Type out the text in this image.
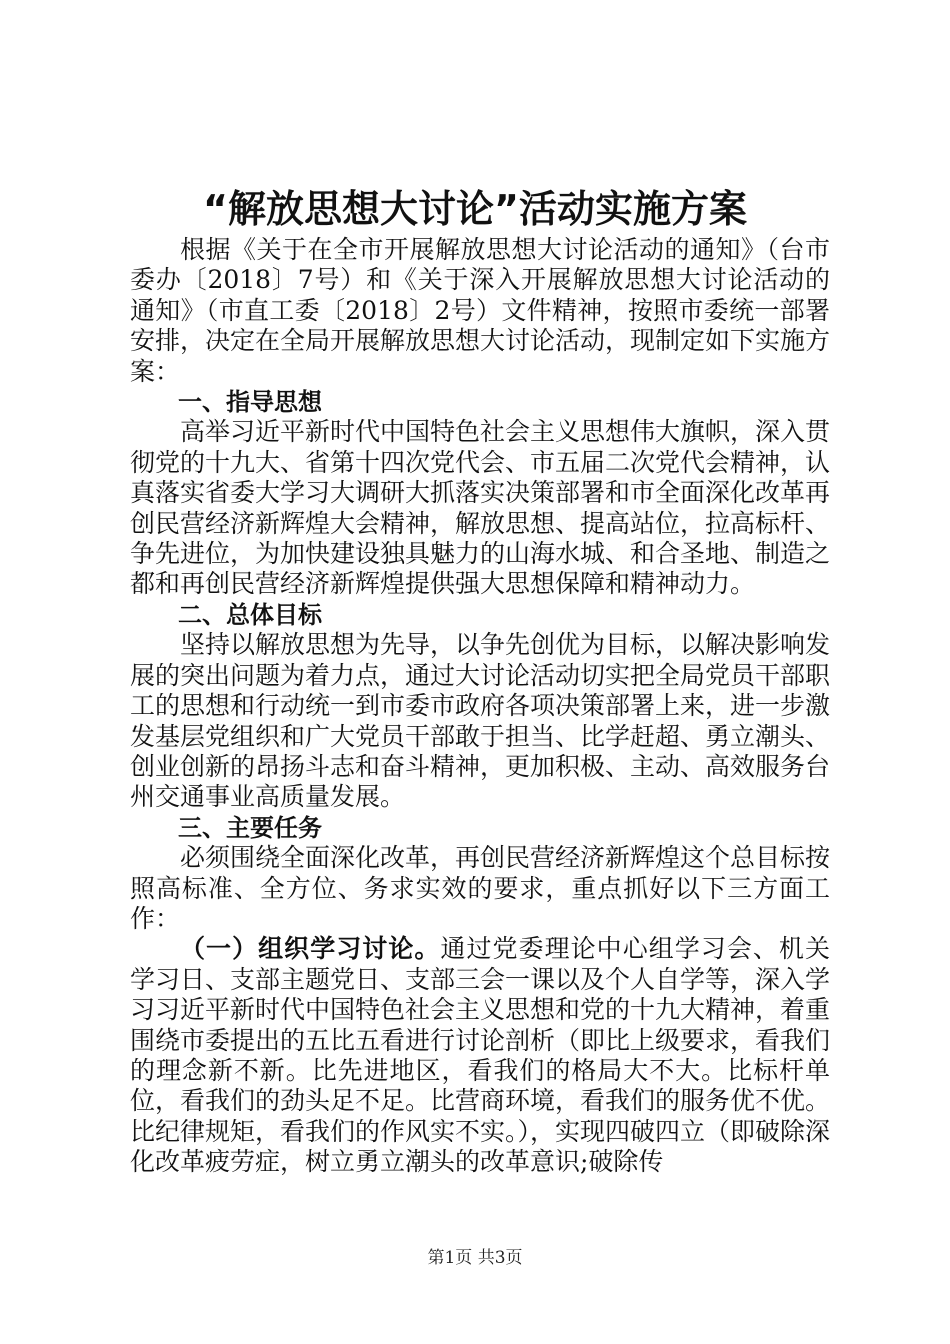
“解放思想大讨论”活动实施方案

根据《关于在全市开展解放思想大讨论活动的通知》（台市委办〔2018〕7号）和《关于深入开展解放思想大讨论活动的通知》（市直工委〔2018〕2号）文件精神，按照市委统一部署安排，决定在全局开展解放思想大讨论活动，现制定如下实施方案：

一、指导思想

高举习近平新时代中国特色社会主义思想伟大旗帜，深入贯彻党的十九大、省第十四次党代会、市五届二次党代会精神，认真落实省委大学习大调研大抓落实决策部署和市全面深化改革再创民营经济新辉煌大会精神，解放思想、提高站位，拉高标杆、争先进位，为加快建设独具魅力的山海水城、和合圣地、制造之都和再创民营经济新辉煌提供强大思想保障和精神动力。

二、总体目标

坚持以解放思想为先导，以争先创优为目标，以解决影响发展的突出问题为着力点，通过大讨论活动切实把全局党员干部职工的思想和行动统一到市委市政府各项决策部署上来，进一步激发基层党组织和广大党员干部敢于担当、比学赶超、勇立潮头、创业创新的昂扬斗志和奋斗精神，更加积极、主动、高效服务台州交通事业高质量发展。

三、主要任务

必须围绕全面深化改革，再创民营经济新辉煌这个总目标按照高标准、全方位、务求实效的要求，重点抓好以下三方面工作：

（一）组织学习讨论。通过党委理论中心组学习会、机关学习日、支部主题党日、支部三会一课以及个人自学等，深入学习习近平新时代中国特色社会主义思想和党的十九大精神，着重围绕市委提出的五比五看进行讨论剖析（即比上级要求，看我们的理念新不新。比先进地区，看我们的格局大不大。比标杆单位，看我们的劲头足不足。比营商环境，看我们的服务优不优。比纪律规矩，看我们的作风实不实。），实现四破四立（即破除深化改革疲劳症，树立勇立潮头的改革意识;破除传

第1页 共3页
